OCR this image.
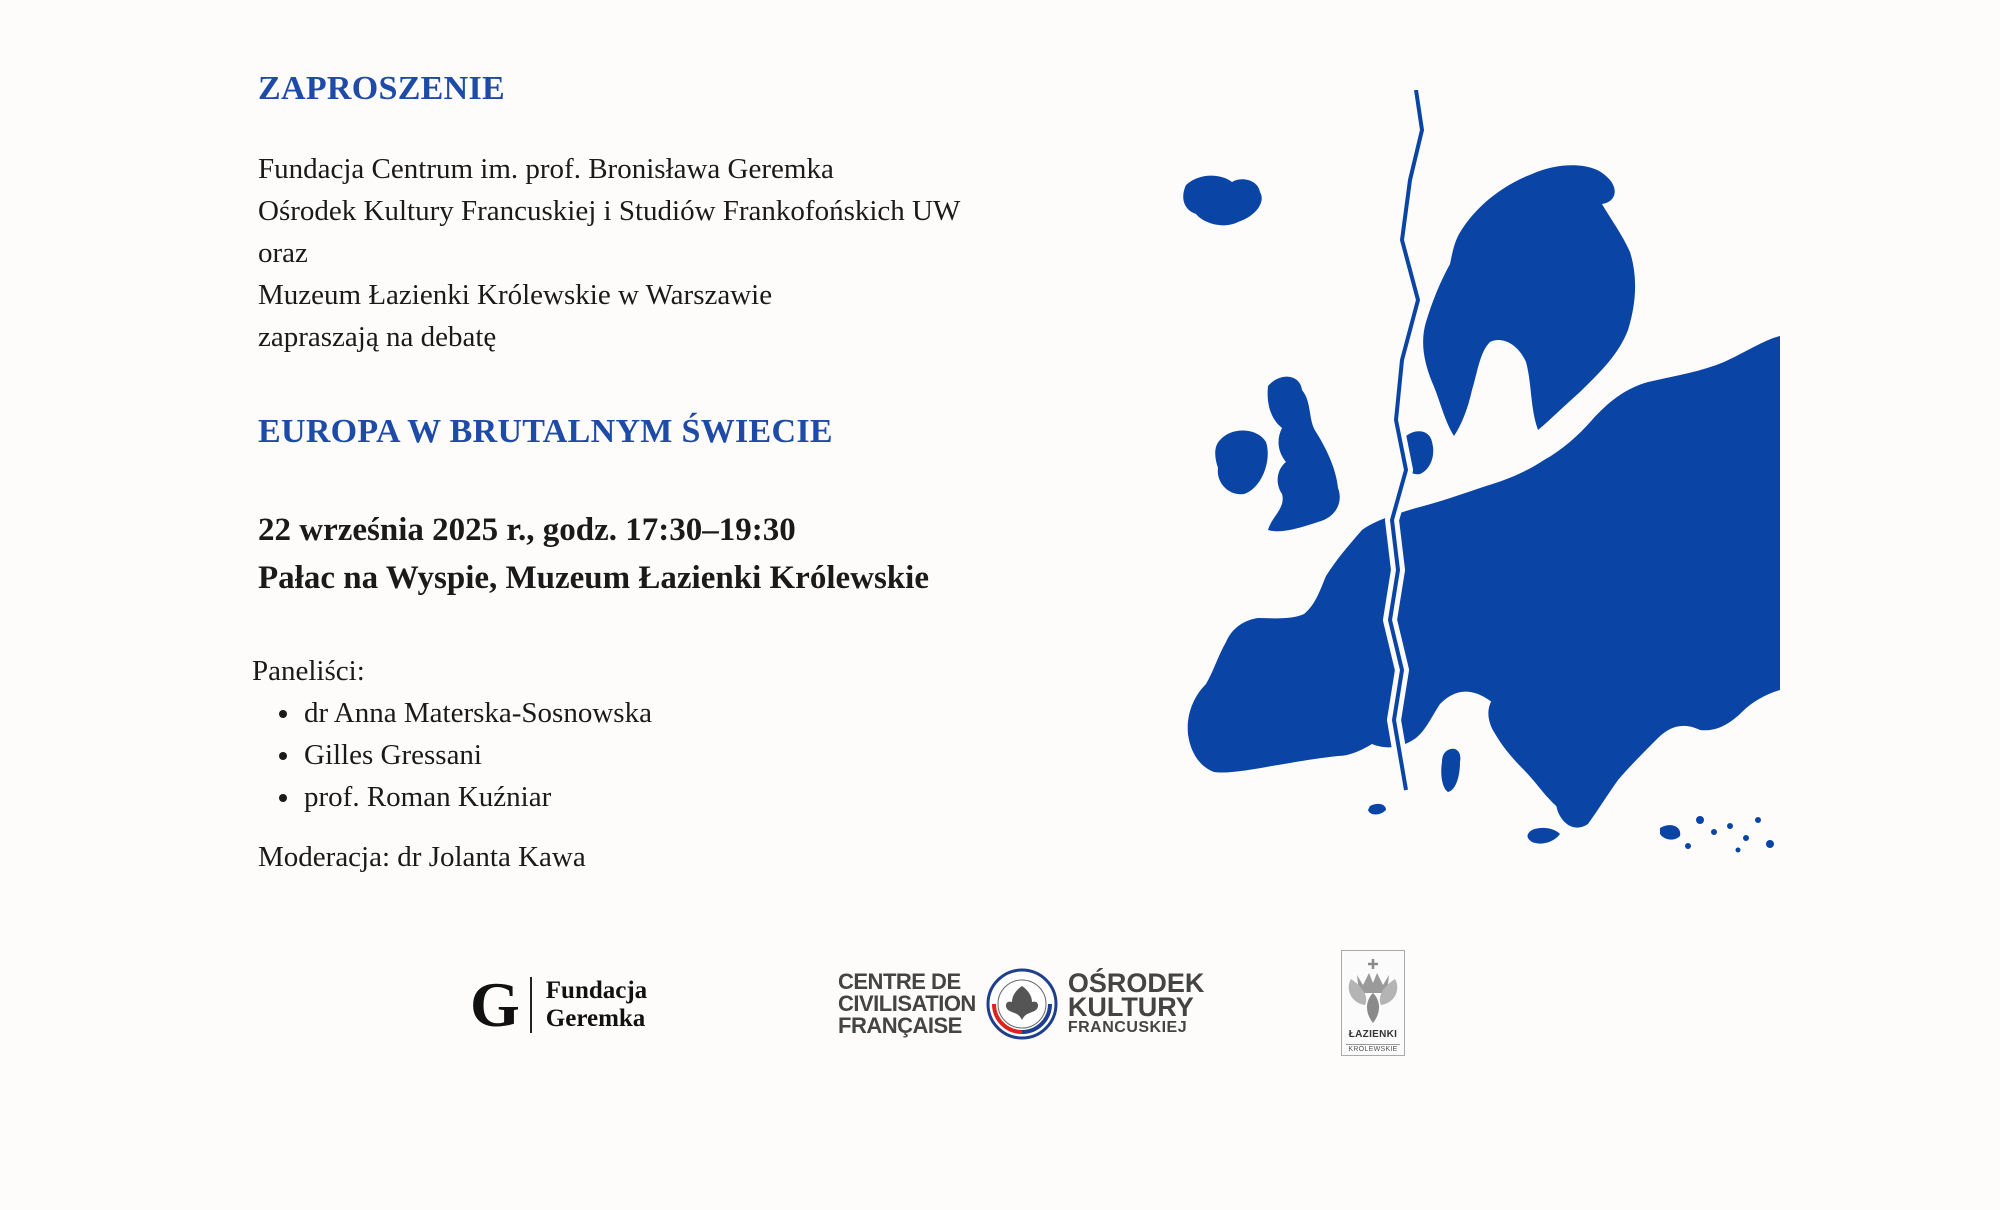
ZAPROSZENIE
Fundacja Centrum im. prof. Bronisława Geremka
Ośrodek Kultury Francuskiej i Studiów Frankofońskich UW
oraz
Muzeum Łazienki Królewskie w Warszawie
zapraszają na debatę
EUROPA W BRUTALNYM ŚWIECIE
22 września 2025 r., godz. 17:30–19:30
Pałac na Wyspie, Muzeum Łazienki Królewskie
Paneliści:
• dr Anna Materska-Sosnowska
• Gilles Gressani
• prof. Roman Kuźniar
Moderacja: dr Jolanta Kawa
G Fundacja
Geremka
CENTRE DE
CIVILISATION
FRANÇAISE
OŚRODEK
KULTURY
FRANCUSKIEJ	ŁAZIENKI
KRÓLEWSKIE
